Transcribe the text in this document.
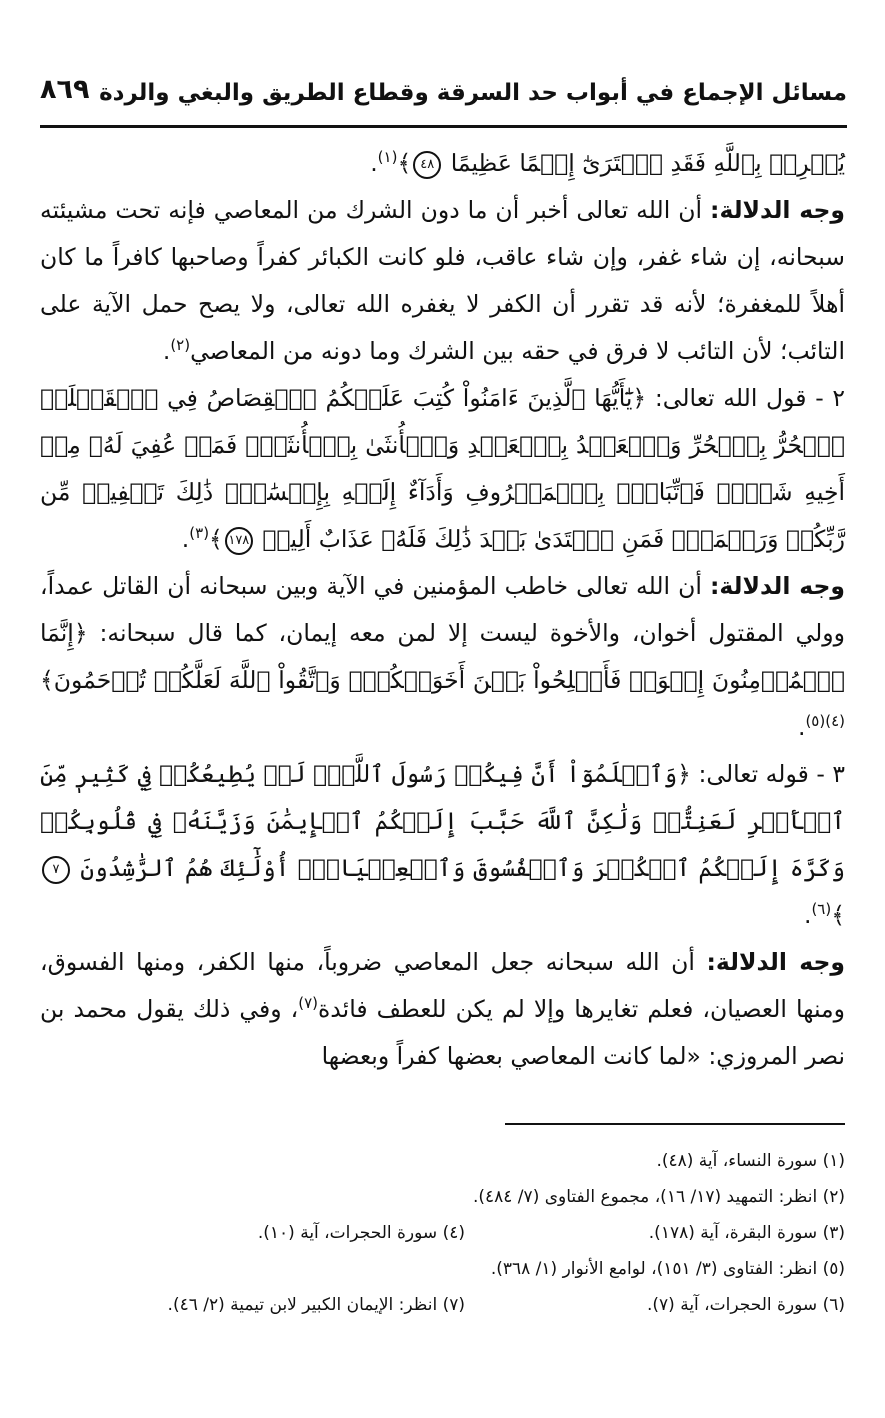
مسائل الإجماع في أبواب حد السرقة وقطاع الطريق والبغي والردة
٨٦٩

يُشۡرِكۡ بِٱللَّهِ فَقَدِ ٱفۡتَرَىٰٓ إِثۡمًا عَظِيمًا ٤٨﴾$^{(١)}$.

وجه الدلالة: أن الله تعالى أخبر أن ما دون الشرك من المعاصي فإنه تحت مشيئته سبحانه، إن شاء غفر، وإن شاء عاقب، فلو كانت الكبائر كفراً وصاحبها كافراً ما كان أهلاً للمغفرة؛ لأنه قد تقرر أن الكفر لا يغفره الله تعالى، ولا يصح حمل الآية على التائب؛ لأن التائب لا فرق في حقه بين الشرك وما دونه من المعاصي$^{(٢)}$.

٢ - قول الله تعالى: ﴿يَٰٓأَيُّهَا ٱلَّذِينَ ءَامَنُواْ كُتِبَ عَلَيۡكُمُ ٱلۡقِصَاصُ فِي ٱلۡقَتۡلَىۖ ٱلۡحُرُّ بِٱلۡحُرِّ وَٱلۡعَبۡدُ بِٱلۡعَبۡدِ وَٱلۡأُنثَىٰ بِٱلۡأُنثَىٰۚ فَمَنۡ عُفِيَ لَهُۥ مِنۡ أَخِيهِ شَيۡءٞ فَٱتِّبَاعُۢ بِٱلۡمَعۡرُوفِ وَأَدَآءٌ إِلَيۡهِ بِإِحۡسَٰنٖۗ ذَٰلِكَ تَخۡفِيفٞ مِّن رَّبِّكُمۡ وَرَحۡمَةٞۗ فَمَنِ ٱعۡتَدَىٰ بَعۡدَ ذَٰلِكَ فَلَهُۥ عَذَابٌ أَلِيمٞ ١٧٨﴾$^{(٣)}$.

وجه الدلالة: أن الله تعالى خاطب المؤمنين في الآية وبين سبحانه أن القاتل عمداً، وولي المقتول أخوان، والأخوة ليست إلا لمن معه إيمان، كما قال سبحانه: ﴿إِنَّمَا ٱلۡمُؤۡمِنُونَ إِخۡوَةٞ فَأَصۡلِحُواْ بَيۡنَ أَخَوَيۡكُمۡۚ وَٱتَّقُواْ ٱللَّهَ لَعَلَّكُمۡ تُرۡحَمُونَ﴾$^{(٤)(٥)}$.

٣ - قوله تعالى: ﴿وَٱعۡلَمُوٓاْ أَنَّ فِيكُمۡ رَسُولَ ٱللَّهِۚ لَوۡ يُطِيعُكُمۡ فِي كَثِيرٖ مِّنَ ٱلۡأَمۡرِ لَعَنِتُّمۡ وَلَٰكِنَّ ٱللَّهَ حَبَّبَ إِلَيۡكُمُ ٱلۡإِيمَٰنَ وَزَيَّنَهُۥ فِي قُلُوبِكُمۡ وَكَرَّهَ إِلَيۡكُمُ ٱلۡكُفۡرَ وَٱلۡفُسُوقَ وَٱلۡعِصۡيَانَۚ أُوْلَٰٓئِكَ هُمُ ٱلرَّٰشِدُونَ ٧﴾$^{(٦)}$.

وجه الدلالة: أن الله سبحانه جعل المعاصي ضروباً، منها الكفر، ومنها الفسوق، ومنها العصيان، فعلم تغايرها وإلا لم يكن للعطف فائدة$^{(٧)}$، وفي ذلك يقول محمد بن نصر المروزي: «لما كانت المعاصي بعضها كفراً وبعضها

(١) سورة النساء، آية (٤٨).
(٢) انظر: التمهيد (١٧/ ١٦)، مجموع الفتاوى (٧/ ٤٨٤).
(٣) سورة البقرة، آية (١٧٨).
(٤) سورة الحجرات، آية (١٠).
(٥) انظر: الفتاوى (٣/ ١٥١)، لوامع الأنوار (١/ ٣٦٨).
(٦) سورة الحجرات، آية (٧).
(٧) انظر: الإيمان الكبير لابن تيمية (٢/ ٤٦).
